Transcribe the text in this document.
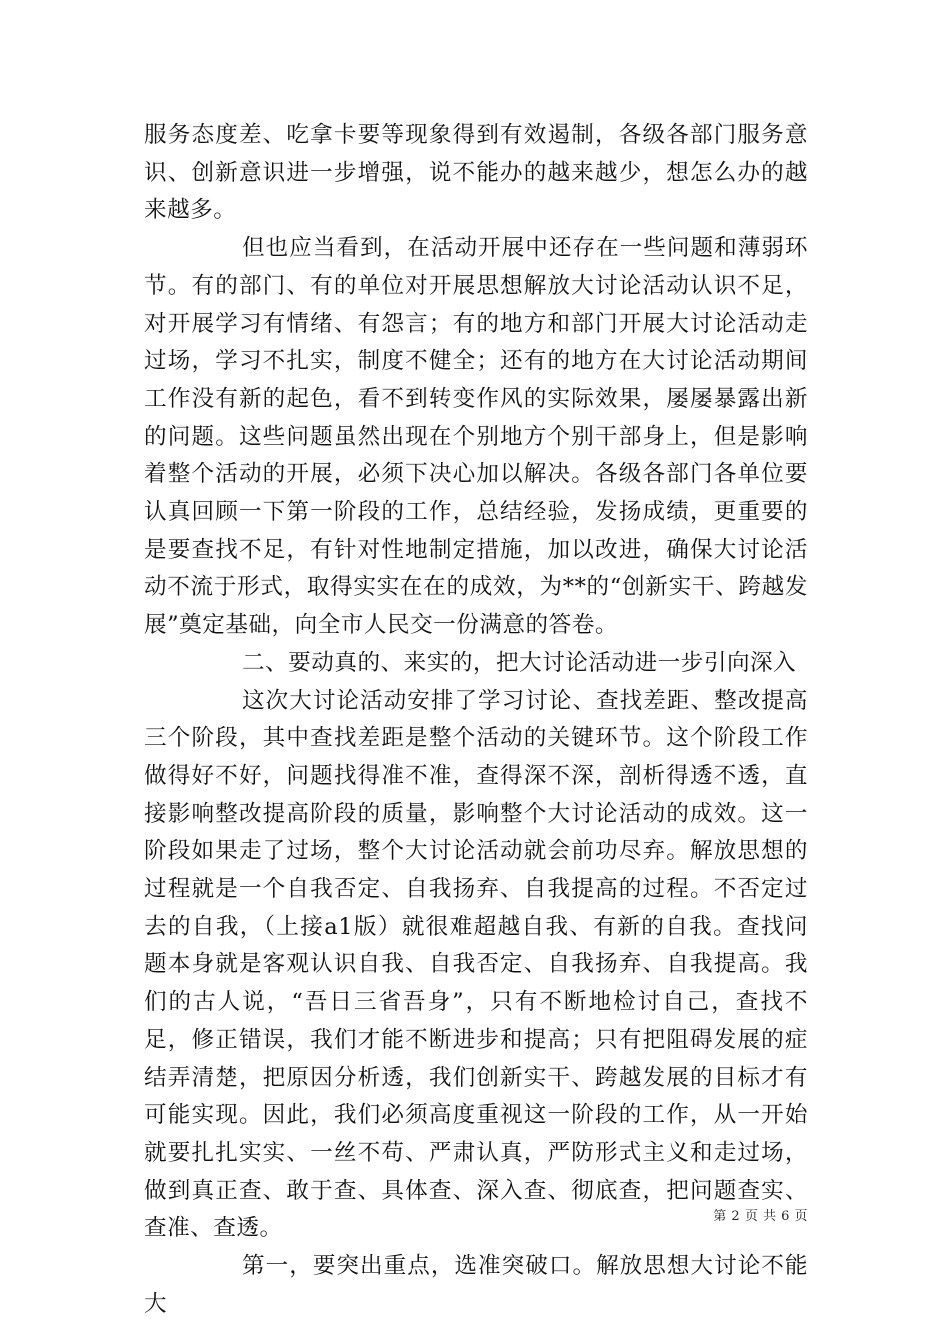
服务态度差、吃拿卡要等现象得到有效遏制，各级各部门服务意识、创新意识进一步增强，说不能办的越来越少，想怎么办的越来越多。

但也应当看到，在活动开展中还存在一些问题和薄弱环节。有的部门、有的单位对开展思想解放大讨论活动认识不足，对开展学习有情绪、有怨言；有的地方和部门开展大讨论活动走过场，学习不扎实，制度不健全；还有的地方在大讨论活动期间工作没有新的起色，看不到转变作风的实际效果，屡屡暴露出新的问题。这些问题虽然出现在个别地方个别干部身上，但是影响着整个活动的开展，必须下决心加以解决。各级各部门各单位要认真回顾一下第一阶段的工作，总结经验，发扬成绩，更重要的是要查找不足，有针对性地制定措施，加以改进，确保大讨论活动不流于形式，取得实实在在的成效，为**的“创新实干、跨越发展”奠定基础，向全市人民交一份满意的答卷。

二、要动真的、来实的，把大讨论活动进一步引向深入

这次大讨论活动安排了学习讨论、查找差距、整改提高三个阶段，其中查找差距是整个活动的关键环节。这个阶段工作做得好不好，问题找得准不准，查得深不深，剖析得透不透，直接影响整改提高阶段的质量，影响整个大讨论活动的成效。这一阶段如果走了过场，整个大讨论活动就会前功尽弃。解放思想的过程就是一个自我否定、自我扬弃、自我提高的过程。不否定过去的自我，（上接a1版）就很难超越自我、有新的自我。查找问题本身就是客观认识自我、自我否定、自我扬弃、自我提高。我们的古人说，“吾日三省吾身”，只有不断地检讨自己，查找不足，修正错误，我们才能不断进步和提高；只有把阻碍发展的症结弄清楚，把原因分析透，我们创新实干、跨越发展的目标才有可能实现。因此，我们必须高度重视这一阶段的工作，从一开始就要扎扎实实、一丝不苟、严肃认真，严防形式主义和走过场，做到真正查、敢于查、具体查、深入查、彻底查，把问题查实、查准、查透。

第一，要突出重点，选准突破口。解放思想大讨论不能大

第 2 页 共 6 页
